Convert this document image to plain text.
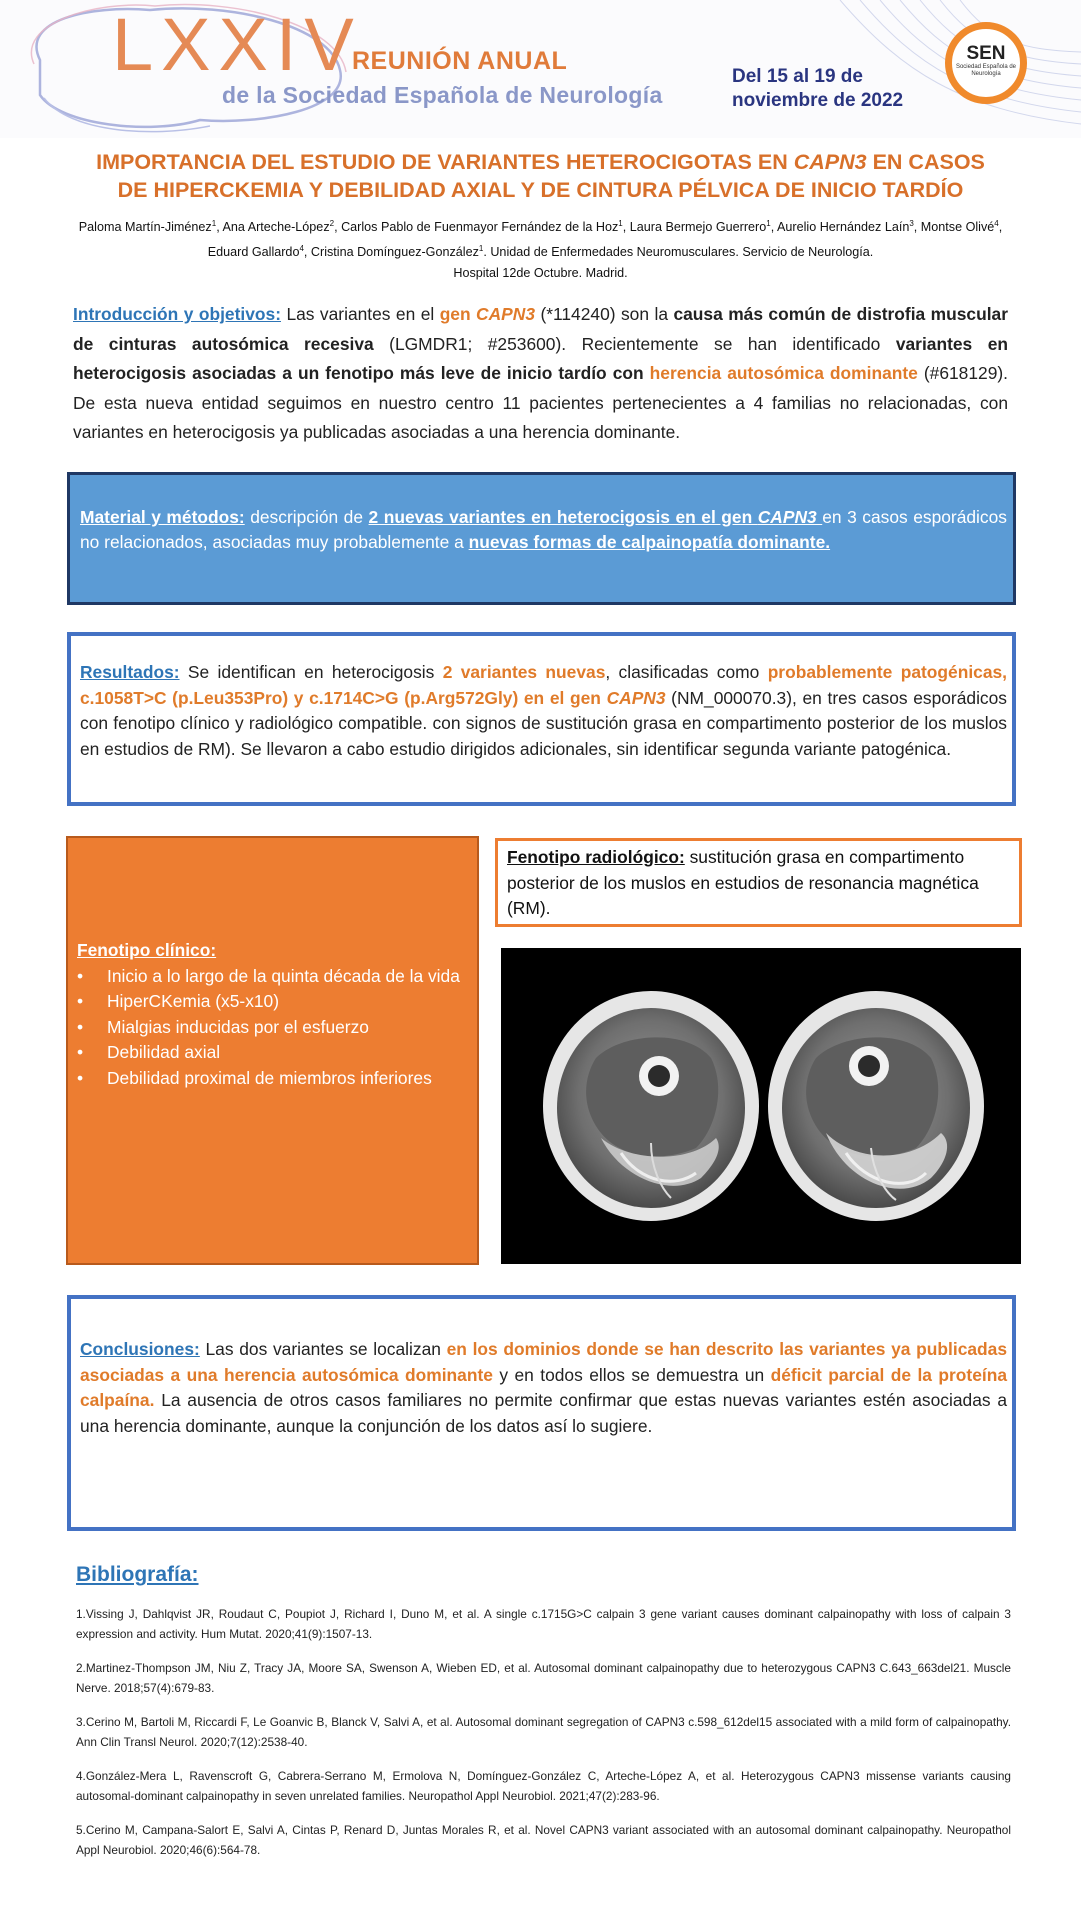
LXXIV
REUNIÓN ANUAL
de la Sociedad Española de Neurología
Del 15 al 19 de
noviembre de 2022
SEN
Sociedad Española de Neurología
IMPORTANCIA DEL ESTUDIO DE VARIANTES HETEROCIGOTAS EN CAPN3 EN CASOS
DE HIPERCKEMIA Y DEBILIDAD AXIAL Y DE CINTURA PÉLVICA DE INICIO TARDÍO
Paloma Martín-Jiménez$^1$, Ana Arteche-López$^2$, Carlos Pablo de Fuenmayor Fernández de la Hoz$^1$, Laura Bermejo Guerrero$^1$, Aurelio Hernández Laín$^3$, Montse Olivé$^4$, Eduard Gallardo$^4$, Cristina Domínguez-González$^1$. Unidad de Enfermedades Neuromusculares. Servicio de Neurología.
Hospital 12de Octubre. Madrid.
Introducción y objetivos: Las variantes en el gen CAPN3 (*114240) son la causa más común de distrofia muscular de cinturas autosómica recesiva (LGMDR1; #253600). Recientemente se han identificado variantes en heterocigosis asociadas a un fenotipo más leve de inicio tardío con herencia autosómica dominante (#618129). De esta nueva entidad seguimos en nuestro centro 11 pacientes pertenecientes a 4 familias no relacionadas, con variantes en heterocigosis ya publicadas asociadas a una herencia dominante.
Material y métodos: descripción de 2 nuevas variantes en heterocigosis en el gen CAPN3 en 3 casos esporádicos no relacionados, asociadas muy probablemente a nuevas formas de calpainopatía dominante.
Resultados: Se identifican en heterocigosis 2 variantes nuevas, clasificadas como probablemente patogénicas, c.1058T>C (p.Leu353Pro) y c.1714C>G (p.Arg572Gly) en el gen CAPN3 (NM_000070.3), en tres casos esporádicos con fenotipo clínico y radiológico compatible. con signos de sustitución grasa en compartimento posterior de los muslos en estudios de RM). Se llevaron a cabo estudio dirigidos adicionales, sin identificar segunda variante patogénica.
Fenotipo clínico:
• Inicio a lo largo de la quinta década de la vida
• HiperCKemia (x5-x10)
• Mialgias inducidas por el esfuerzo
• Debilidad axial
• Debilidad proximal de miembros inferiores
Fenotipo radiológico: sustitución grasa en compartimento posterior de los muslos en estudios de resonancia magnética (RM).
Conclusiones: Las dos variantes se localizan en los dominios donde se han descrito las variantes ya publicadas asociadas a una herencia autosómica dominante y en todos ellos se demuestra un déficit parcial de la proteína calpaína. La ausencia de otros casos familiares no permite confirmar que estas nuevas variantes estén asociadas a una herencia dominante, aunque la conjunción de los datos así lo sugiere.
Bibliografía:
1.Vissing J, Dahlqvist JR, Roudaut C, Poupiot J, Richard I, Duno M, et al. A single c.1715G>C calpain 3 gene variant causes dominant calpainopathy with loss of calpain 3 expression and activity. Hum Mutat. 2020;41(9):1507-13.
2.Martinez-Thompson JM, Niu Z, Tracy JA, Moore SA, Swenson A, Wieben ED, et al. Autosomal dominant calpainopathy due to heterozygous CAPN3 C.643_663del21. Muscle Nerve. 2018;57(4):679-83.
3.Cerino M, Bartoli M, Riccardi F, Le Goanvic B, Blanck V, Salvi A, et al. Autosomal dominant segregation of CAPN3 c.598_612del15 associated with a mild form of calpainopathy. Ann Clin Transl Neurol. 2020;7(12):2538-40.
4.González-Mera L, Ravenscroft G, Cabrera-Serrano M, Ermolova N, Domínguez-González C, Arteche-López A, et al. Heterozygous CAPN3 missense variants causing autosomal-dominant calpainopathy in seven unrelated families. Neuropathol Appl Neurobiol. 2021;47(2):283-96.
5.Cerino M, Campana-Salort E, Salvi A, Cintas P, Renard D, Juntas Morales R, et al. Novel CAPN3 variant associated with an autosomal dominant calpainopathy. Neuropathol Appl Neurobiol. 2020;46(6):564-78.
